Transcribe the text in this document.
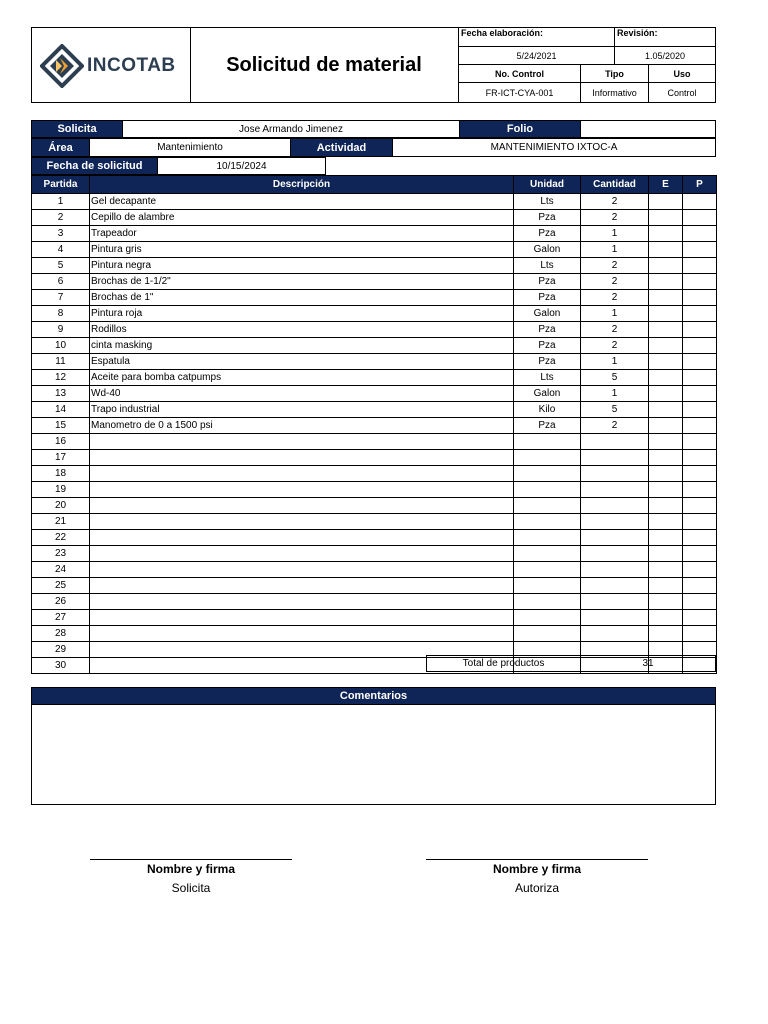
INCOTAB	Solicitud de material
Fecha elaboración:	Revisión:
5/24/2021	1.05/2020
No. Control	Tipo	Uso
FR-ICT-CYA-001	Informativo	Control
Solicita	Jose Armando Jimenez	Folio
Área	Mantenimiento	Actividad	MANTENIMIENTO IXTOC-A
Fecha de solicitud	10/15/2024
Partida	Descripción	Unidad	Cantidad	E	P
1	Gel decapante	Lts	2		
2	Cepillo de alambre	Pza	2		
3	Trapeador	Pza	1		
4	Pintura gris	Galon	1		
5	Pintura negra	Lts	2		
6	Brochas de 1-1/2"	Pza	2		
7	Brochas de 1"	Pza	2		
8	Pintura roja	Galon	1		
9	Rodillos	Pza	2		
10	cinta masking	Pza	2		
11	Espatula	Pza	1		
12	Aceite para bomba catpumps	Lts	5		
13	Wd-40	Galon	1		
14	Trapo industrial	Kilo	5		
15	Manometro de 0 a 1500 psi	Pza	2		
16					
17					
18					
19					
20					
21					
22					
23					
24					
25					
26					
27					
28					
29					
30						Total de productos	31
Comentarios
Nombre y firma
Solicita
Nombre y firma
Autoriza
